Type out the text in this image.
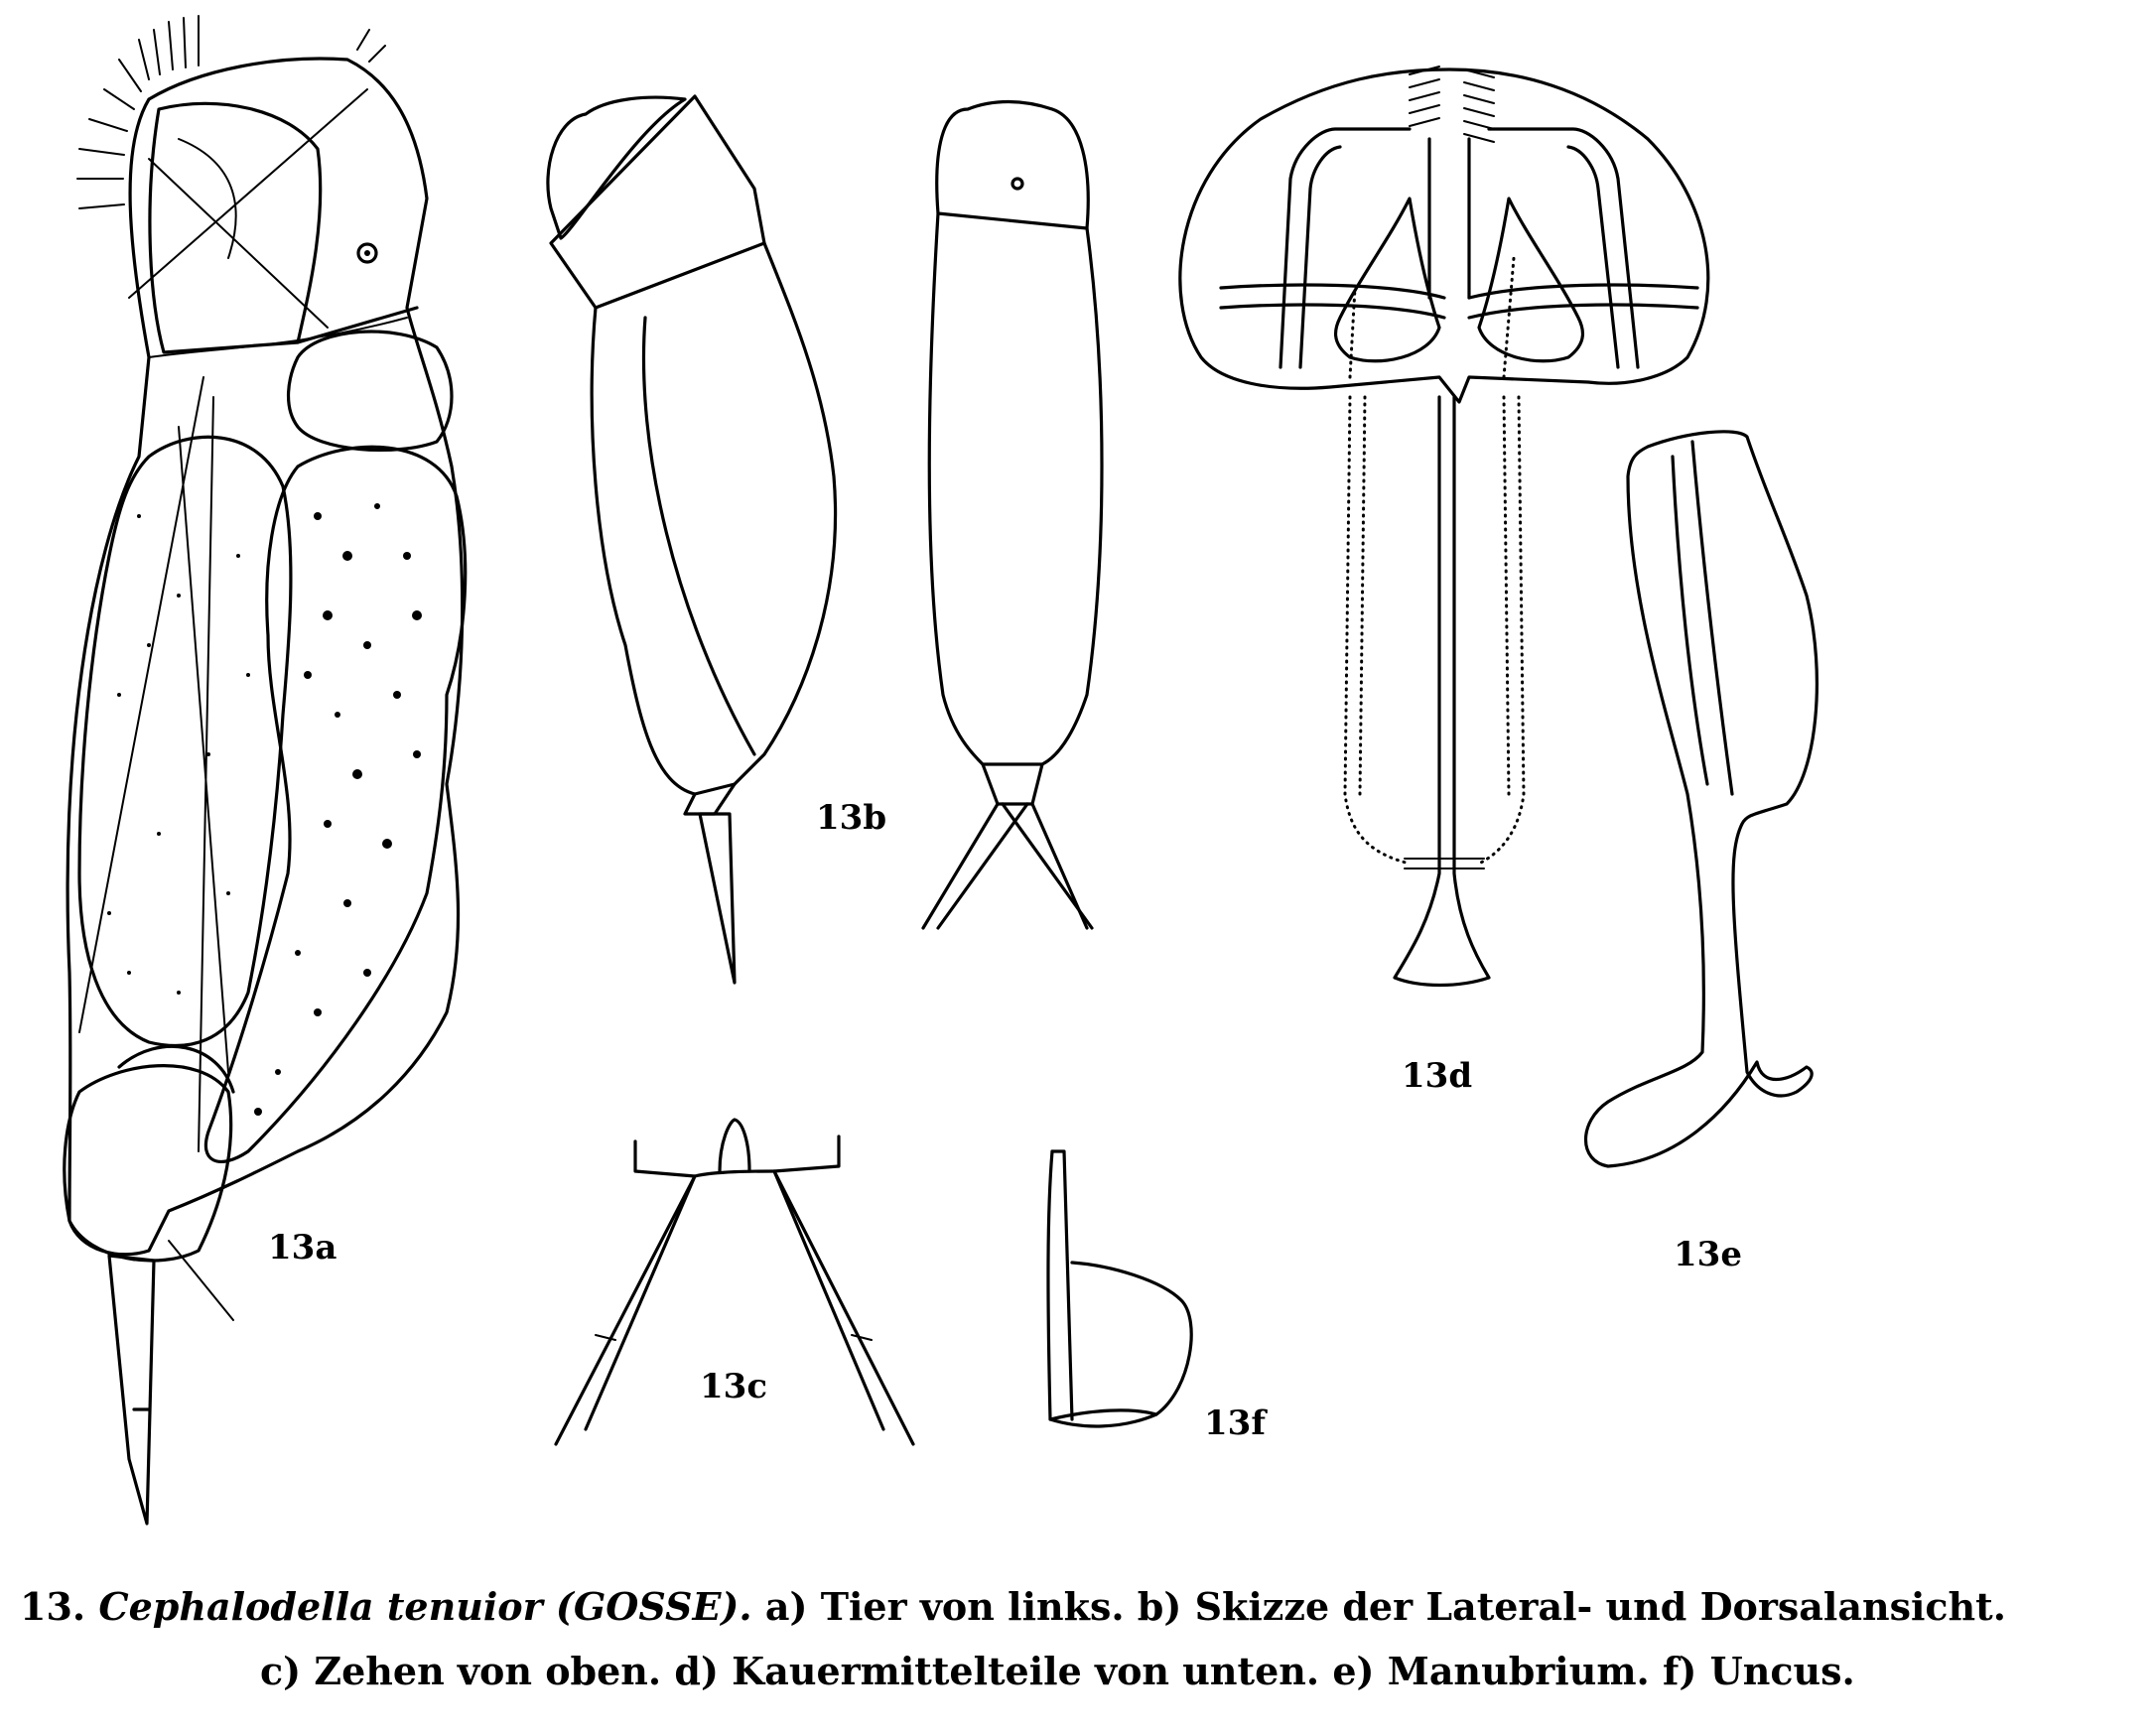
13a
13b
13c
13d
13e
13f
13. Cephalodella tenuior (GOSSE). a) Tier von links. b) Skizze der Lateral- und Dorsalansicht.
c) Zehen von oben. d) Kauermittelteile von unten. e) Manubrium. f) Uncus.
